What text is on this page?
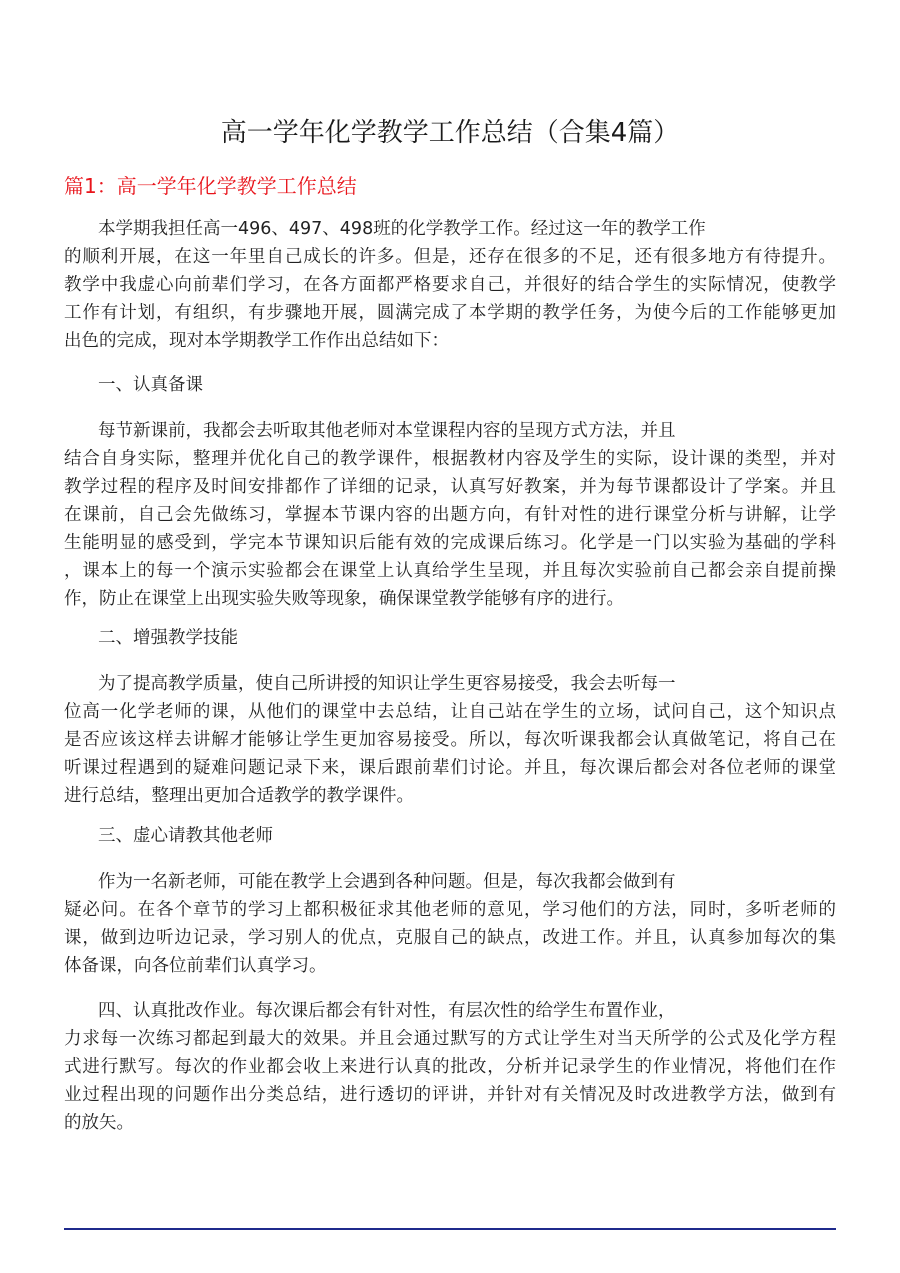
高一学年化学教学工作总结（合集4篇）
篇1：高一学年化学教学工作总结
本学期我担任高一496、497、498班的化学教学工作。经过这一年的教学工作
的顺利开展，在这一年里自己成长的许多。但是，还存在很多的不足，还有很多地方有待提升。
教学中我虚心向前辈们学习，在各方面都严格要求自己，并很好的结合学生的实际情况，使教学
工作有计划，有组织，有步骤地开展，圆满完成了本学期的教学任务，为使今后的工作能够更加
出色的完成，现对本学期教学工作作出总结如下：
一、认真备课
每节新课前，我都会去听取其他老师对本堂课程内容的呈现方式方法，并且
结合自身实际，整理并优化自己的教学课件，根据教材内容及学生的实际，设计课的类型，并对
教学过程的程序及时间安排都作了详细的记录，认真写好教案，并为每节课都设计了学案。并且
在课前，自己会先做练习，掌握本节课内容的出题方向，有针对性的进行课堂分析与讲解，让学
生能明显的感受到，学完本节课知识后能有效的完成课后练习。化学是一门以实验为基础的学科
，课本上的每一个演示实验都会在课堂上认真给学生呈现，并且每次实验前自己都会亲自提前操
作，防止在课堂上出现实验失败等现象，确保课堂教学能够有序的进行。
二、增强教学技能
为了提高教学质量，使自己所讲授的知识让学生更容易接受，我会去听每一
位高一化学老师的课，从他们的课堂中去总结，让自己站在学生的立场，试问自己，这个知识点
是否应该这样去讲解才能够让学生更加容易接受。所以，每次听课我都会认真做笔记，将自己在
听课过程遇到的疑难问题记录下来，课后跟前辈们讨论。并且，每次课后都会对各位老师的课堂
进行总结，整理出更加合适教学的教学课件。
三、虚心请教其他老师
作为一名新老师，可能在教学上会遇到各种问题。但是，每次我都会做到有
疑必问。在各个章节的学习上都积极征求其他老师的意见，学习他们的方法，同时，多听老师的
课，做到边听边记录，学习别人的优点，克服自己的缺点，改进工作。并且，认真参加每次的集
体备课，向各位前辈们认真学习。
四、认真批改作业。每次课后都会有针对性，有层次性的给学生布置作业，
力求每一次练习都起到最大的效果。并且会通过默写的方式让学生对当天所学的公式及化学方程
式进行默写。每次的作业都会收上来进行认真的批改，分析并记录学生的作业情况，将他们在作
业过程出现的问题作出分类总结，进行透切的评讲，并针对有关情况及时改进教学方法，做到有
的放矢。
